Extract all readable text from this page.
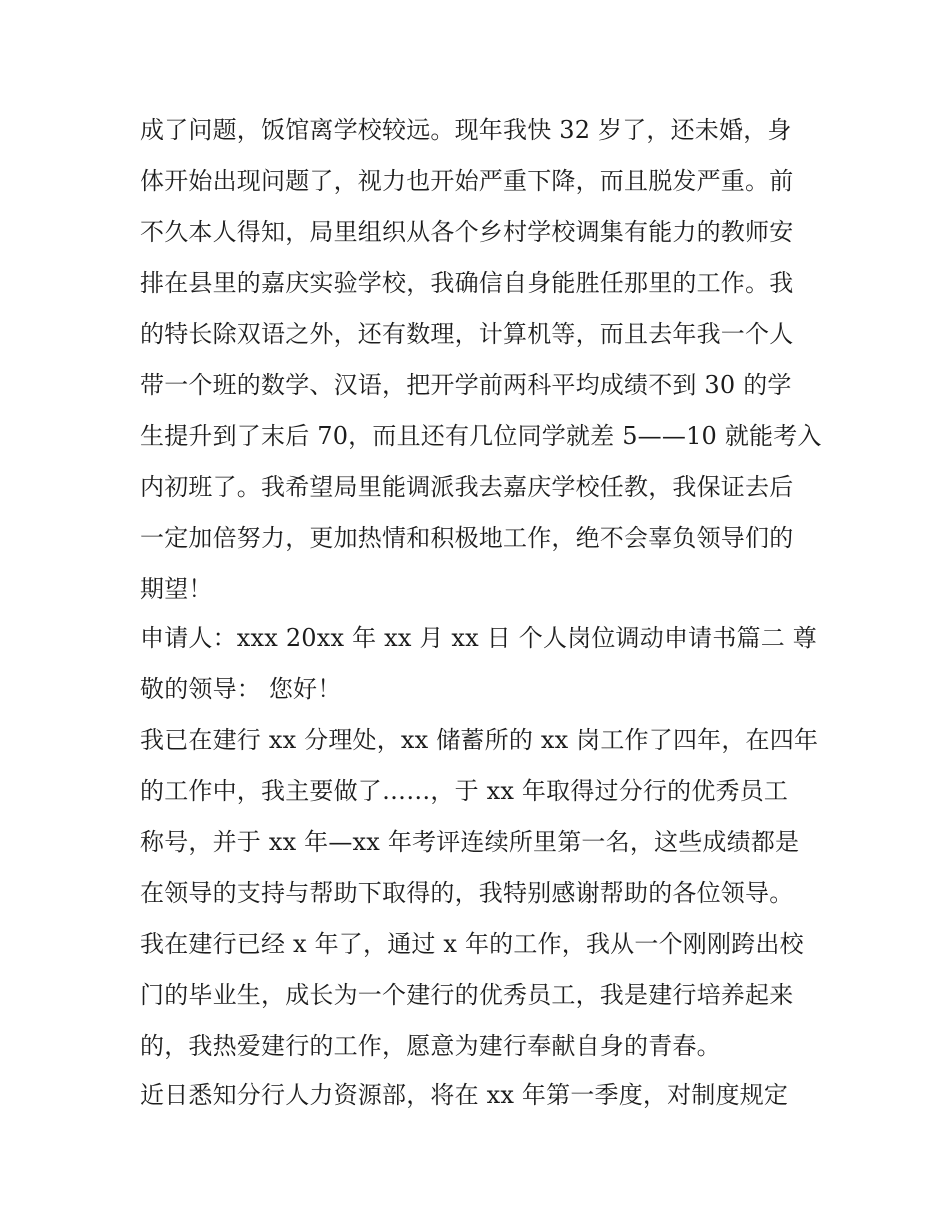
成了问题，饭馆离学校较远。现年我快 32 岁了，还未婚，身
体开始出现问题了，视力也开始严重下降，而且脱发严重。前
不久本人得知，局里组织从各个乡村学校调集有能力的教师安
排在县里的嘉庆实验学校，我确信自身能胜任那里的工作。我
的特长除双语之外，还有数理，计算机等，而且去年我一个人
带一个班的数学、汉语，把开学前两科平均成绩不到 30 的学
生提升到了末后 70，而且还有几位同学就差 5——10 就能考入
内初班了。我希望局里能调派我去嘉庆学校任教，我保证去后
一定加倍努力，更加热情和积极地工作，绝不会辜负领导们的
期望！
申请人：xxx 20xx 年 xx 月 xx 日 个人岗位调动申请书篇二 尊
敬的领导： 您好！
我已在建行 xx 分理处，xx 储蓄所的 xx 岗工作了四年，在四年
的工作中，我主要做了……，于 xx 年取得过分行的优秀员工
称号，并于 xx 年—xx 年考评连续所里第一名，这些成绩都是
在领导的支持与帮助下取得的，我特别感谢帮助的各位领导。
我在建行已经 x 年了，通过 x 年的工作，我从一个刚刚跨出校
门的毕业生，成长为一个建行的优秀员工，我是建行培养起来
的，我热爱建行的工作，愿意为建行奉献自身的青春。
近日悉知分行人力资源部，将在 xx 年第一季度，对制度规定
